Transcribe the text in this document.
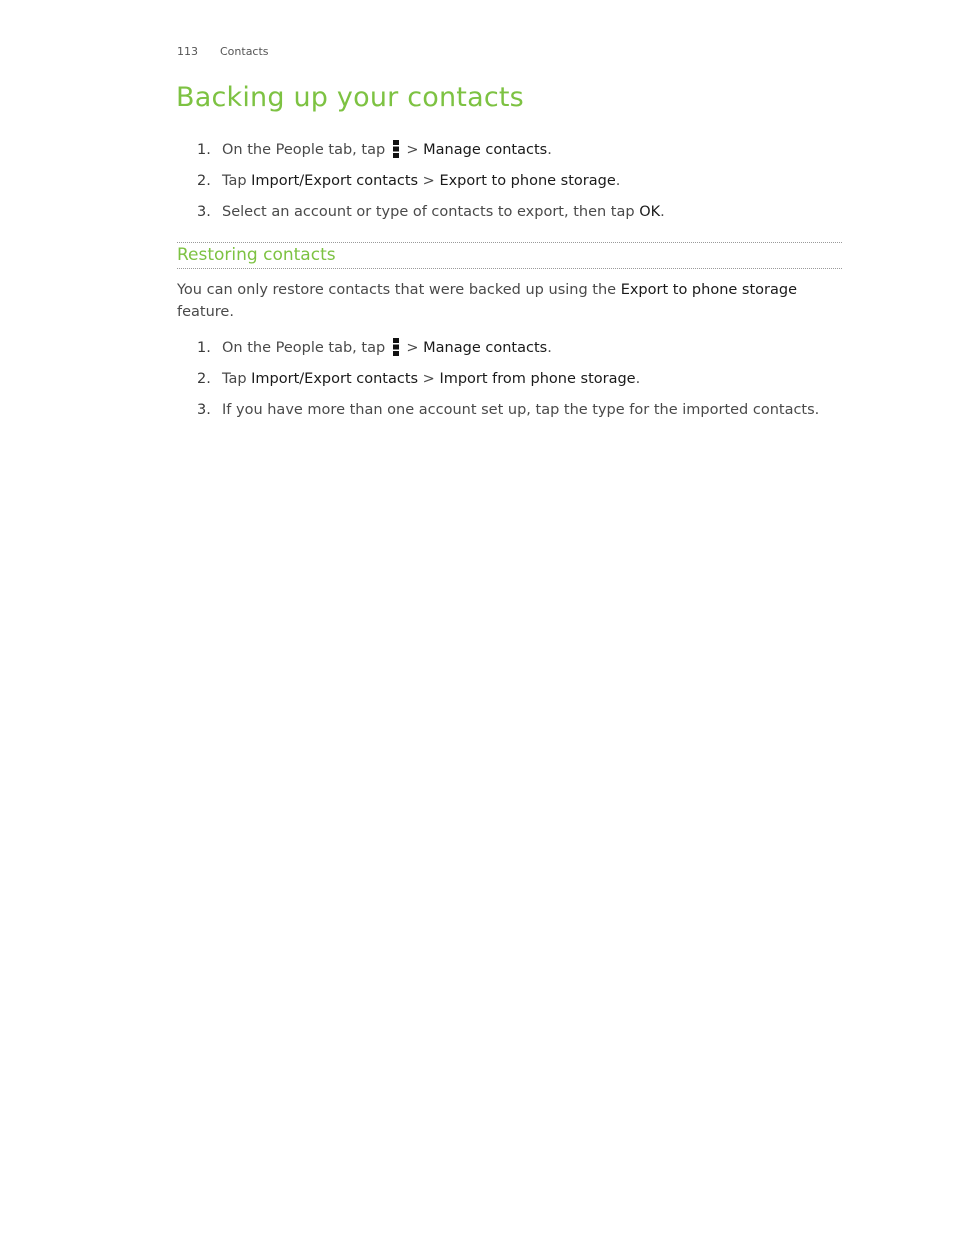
113 Contacts
Backing up your contacts
1. On the People tab, tap > Manage contacts.
2. Tap Import/Export contacts > Export to phone storage.
3. Select an account or type of contacts to export, then tap OK.
Restoring contacts

You can only restore contacts that were backed up using the Export to phone storage feature.

1. On the People tab, tap > Manage contacts.
2. Tap Import/Export contacts > Import from phone storage.
3. If you have more than one account set up, tap the type for the imported contacts.
